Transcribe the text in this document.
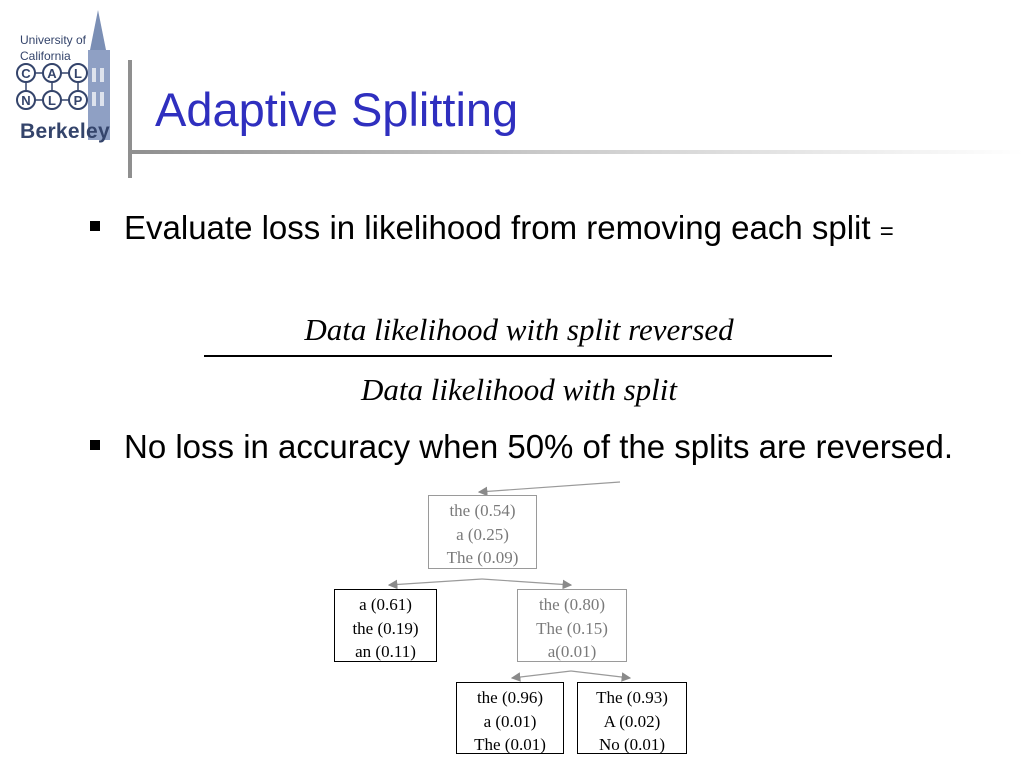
C A L
N L P
University of
California
Berkeley Adaptive Splitting
Evaluate loss in likelihood from removing each split =
Data likelihood with split reversed
Data likelihood with split
No loss in accuracy when 50% of the splits are reversed.
the (0.54)
a (0.25)
The (0.09)
a (0.61)
the (0.19)
an (0.11)
the (0.80)
The (0.15)
a(0.01)
the (0.96)
a (0.01)
The (0.01)
The (0.93)
A (0.02)
No (0.01)
